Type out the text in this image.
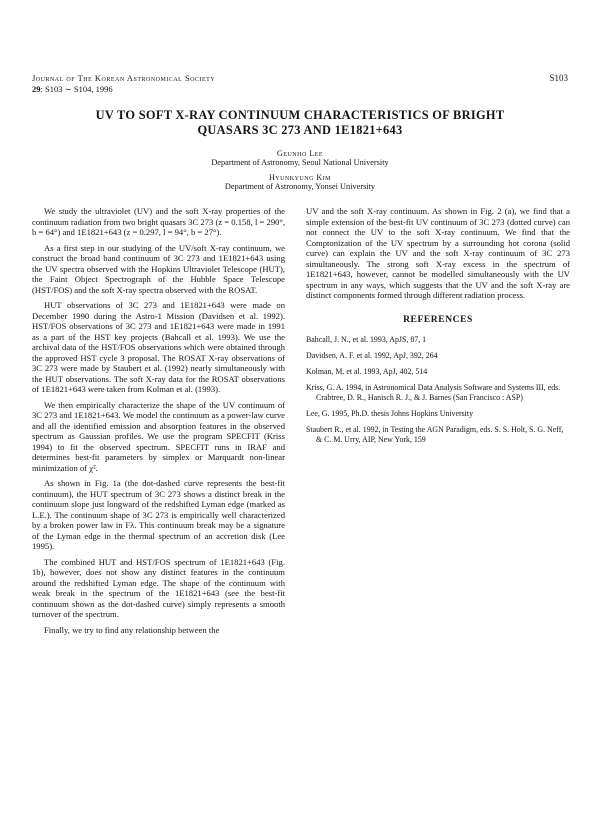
Journal of The Korean Astronomical Society
29: S103 ∼ S104, 1996
S103
UV TO SOFT X-RAY CONTINUUM CHARACTERISTICS OF BRIGHT
QUASARS 3C 273 AND 1E1821+643
Geunho Lee
Department of Astronomy, Seoul National University
Hyunkyung Kim
Department of Astronomy, Yonsei University

We study the ultraviolet (UV) and the soft X-ray properties of the continuum radiation from two bright quasars 3C 273 (z = 0.158, l = 290°, b = 64°) and 1E1821+643 (z = 0.297, l = 94°, b = 27°).

As a first step in our studying of the UV/soft X-ray continuum, we construct the broad band continuum of 3C 273 and 1E1821+643 using the UV spectra observed with the Hopkins Ultraviolet Telescope (HUT), the Faint Object Spectrograph of the Hubble Space Telescope (HST/FOS) and the soft X-ray spectra observed with the ROSAT.

HUT observations of 3C 273 and 1E1821+643 were made on December 1990 during the Astro-1 Mission (Davidsen et al. 1992). HST/FOS observations of 3C 273 and 1E1821+643 were made in 1991 as a part of the HST key projects (Bahcall et al. 1993). We use the archival data of the HST/FOS observations which were obtained through the approved HST cycle 3 proposal. The ROSAT X-ray observations of 3C 273 were made by Staubert et al. (1992) nearly simultaneously with the HUT observations. The soft X-ray data for the ROSAT observations of 1E1821+643 were taken from Kolman et al. (1993).

We then empirically characterize the shape of the UV continuum of 3C 273 and 1E1821+643. We model the continuum as a power-law curve and all the identified emission and absorption features in the observed spectrum as Gaussian profiles. We use the program SPECFIT (Kriss 1994) to fit the observed spectrum. SPECFIT runs in IRAF and determines best-fit parameters by simplex or Marquardt non-linear minimization of χ².

As shown in Fig. 1a (the dot-dashed curve represents the best-fit continuum), the HUT spectrum of 3C 273 shows a distinct break in the continuum slope just longward of the redshifted Lyman edge (marked as L.E.). The continuum shape of 3C 273 is empirically well characterized by a broken power law in Fλ. This continuum break may be a signature of the Lyman edge in the thermal spectrum of an accretion disk (Lee 1995).

The combined HUT and HST/FOS spectrum of 1E1821+643 (Fig. 1b), however, does not show any distinct features in the continuum around the redshifted Lyman edge. The shape of the continuum with weak break in the spectrum of the 1E1821+643 (see the best-fit continuum shown as the dot-dashed curve) simply represents a smooth turnover of the spectrum.

Finally, we try to find any relationship between the

UV and the soft X-ray continuum. As shown in Fig. 2 (a), we find that a simple extension of the best-fit UV continuum of 3C 273 (dotted curve) can not connect the UV to the soft X-ray continuum. We find that the Comptonization of the UV spectrum by a surrounding hot corona (solid curve) can explain the UV and the soft X-ray continuum of 3C 273 simultaneously. The strong soft X-ray excess in the spectrum of 1E1821+643, however, cannot be modelled simultaneously with the UV spectrum in any ways, which suggests that the UV and the soft X-ray are distinct components formed through different radiation process.

REFERENCES
Bahcall, J. N., et al. 1993, ApJS, 87, 1
Davidsen, A. F. et al. 1992, ApJ, 392, 264
Kolman, M. et al. 1993, ApJ, 402, 514
Kriss, G. A. 1994, in Astronomical Data Analysis Software and Systems III, eds. Crabtree, D. R., Hanisch R. J., & J. Barnes (San Francisco : ASP)
Lee, G. 1995, Ph.D. thesis Johns Hopkins University
Staubert R., et al. 1992, in Testing the AGN Paradigm, eds. S. S. Holt, S. G. Neff, & C. M. Urry, AIP, New York, 159
